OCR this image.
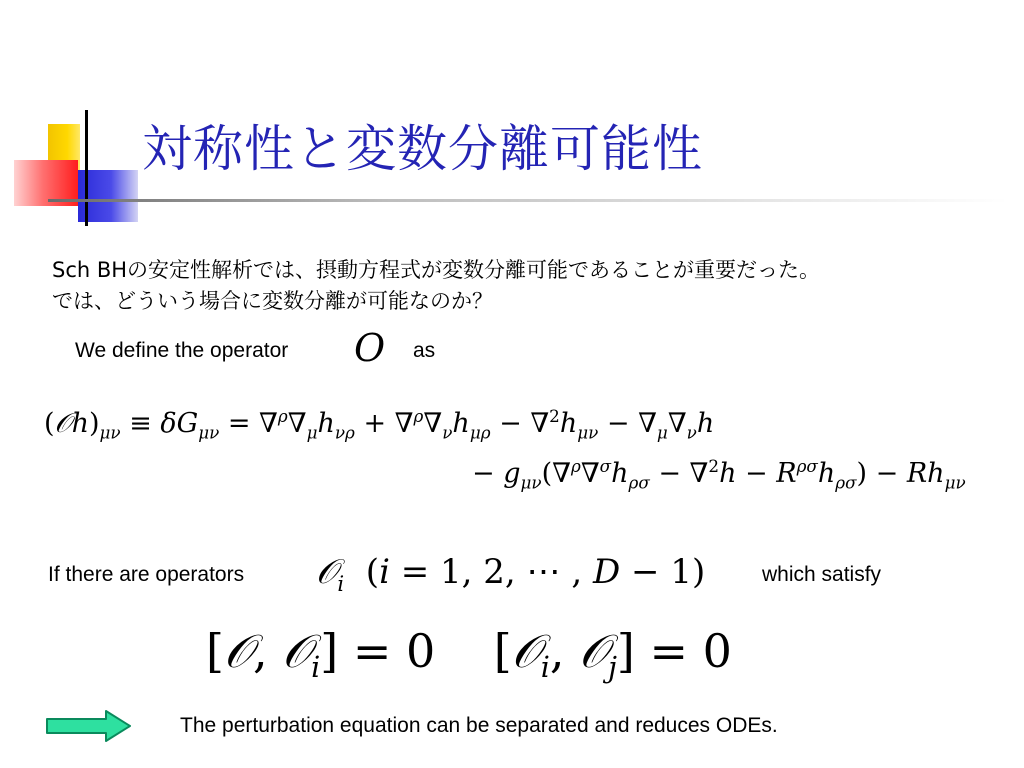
対称性と変数分離可能性
Sch BHの安定性解析では、摂動方程式が変数分離可能であることが重要だった。
では、どういう場合に変数分離が可能なのか？
We define the operator O as
$(𝒪h)_{\mu\nu} \equiv \delta G_{\mu\nu} = \nabla^\rho\nabla_\mu h_{\nu\rho} + \nabla^\rho\nabla_\nu h_{\mu\rho} - \nabla^2h_{\mu\nu} - \nabla_\mu\nabla_\nu h$
− $g_{\mu\nu}(\nabla^\rho\nabla^\sigma h_{\rho\sigma} - \nabla^2h - R^{\rho\sigma}h_{\rho\sigma}) - Rh_{\mu\nu}$
If there are operators 𝒪$_i$  (i = 1, 2, ⋯ , D − 1)	which satisfy
[𝒪, 𝒪$_i$] = 0    [𝒪$_i$, 𝒪$_j$] = 0
The perturbation equation can be separated and reduces ODEs.
